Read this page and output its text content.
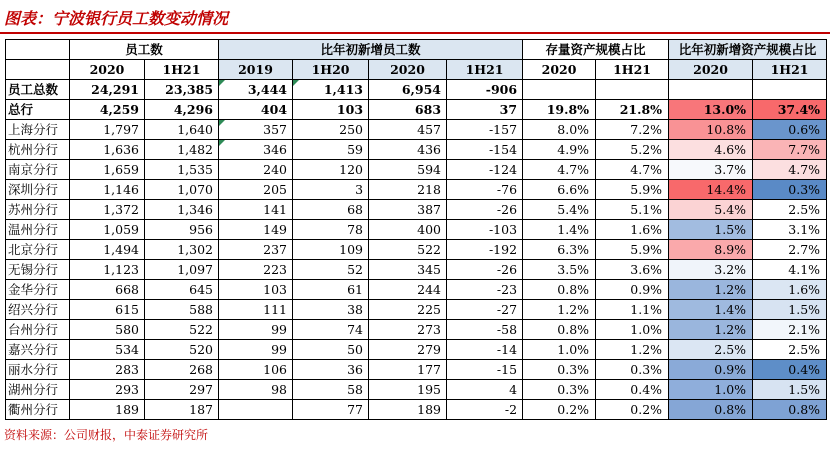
图表：宁波银行员工数变动情况
	员工数		比年初新增员工数				存量资产规模占比		比年初新增资产规模占比	
	2020	1H21	2019	1H20	2020	1H21	2020	1H21	2020	1H21
员工总数	24,291	23,385	3,444	1,413	6,954	-906				
总行	4,259	4,296	404	103	683	37	19.8%	21.8%	13.0%	37.4%
上海分行	1,797	1,640	357	250	457	-157	8.0%	7.2%	10.8%	0.6%
杭州分行	1,636	1,482	346	59	436	-154	4.9%	5.2%	4.6%	7.7%
南京分行	1,659	1,535	240	120	594	-124	4.7%	4.7%	3.7%	4.7%
深圳分行	1,146	1,070	205	3	218	-76	6.6%	5.9%	14.4%	0.3%
苏州分行	1,372	1,346	141	68	387	-26	5.4%	5.1%	5.4%	2.5%
温州分行	1,059	956	149	78	400	-103	1.4%	1.6%	1.5%	3.1%
北京分行	1,494	1,302	237	109	522	-192	6.3%	5.9%	8.9%	2.7%
无锡分行	1,123	1,097	223	52	345	-26	3.5%	3.6%	3.2%	4.1%
金华分行	668	645	103	61	244	-23	0.8%	0.9%	1.2%	1.6%
绍兴分行	615	588	111	38	225	-27	1.2%	1.1%	1.4%	1.5%
台州分行	580	522	99	74	273	-58	0.8%	1.0%	1.2%	2.1%
嘉兴分行	534	520	99	50	279	-14	1.0%	1.2%	2.5%	2.5%
丽水分行	283	268	106	36	177	-15	0.3%	0.3%	0.9%	0.4%
湖州分行	293	297	98	58	195	4	0.3%	0.4%	1.0%	1.5%
衢州分行	189	187		77	189	-2	0.2%	0.2%	0.8%	0.8%
资料来源：公司财报，中泰证券研究所
